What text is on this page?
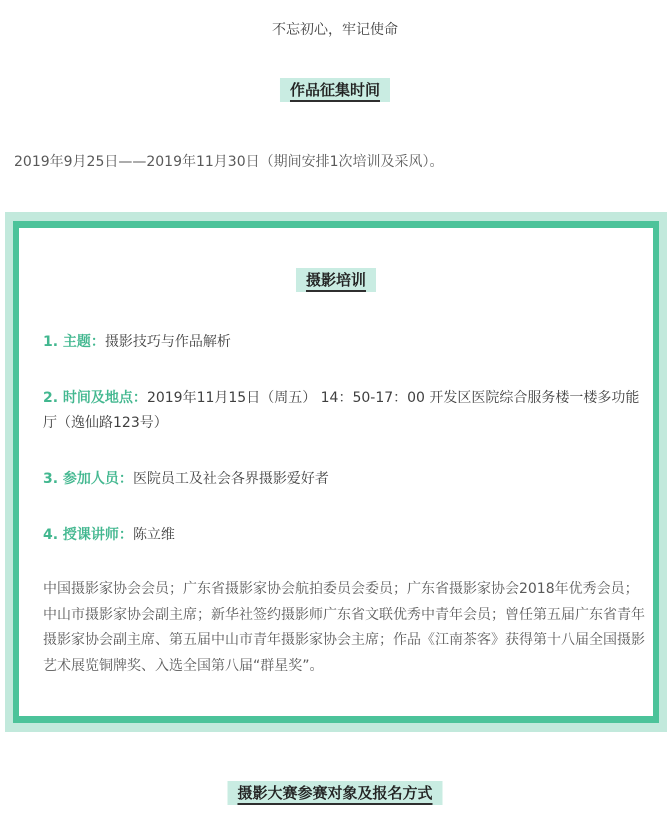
不忘初心，牢记使命
作品征集时间
2019年9月25日——2019年11月30日（期间安排1次培训及采风）。
摄影培训
1. 主题：摄影技巧与作品解析
2. 时间及地点：2019年11月15日（周五） 14：50-17：00 开发区医院综合服务楼一楼多功能厅（逸仙路123号）
3. 参加人员：医院员工及社会各界摄影爱好者
4. 授课讲师：陈立维
中国摄影家协会会员；广东省摄影家协会航拍委员会委员；广东省摄影家协会2018年优秀会员；中山市摄影家协会副主席；新华社签约摄影师广东省文联优秀中青年会员；曾任第五届广东省青年摄影家协会副主席、第五届中山市青年摄影家协会主席；作品《江南茶客》获得第十八届全国摄影艺术展览铜牌奖、入选全国第八届“群星奖”。
摄影大赛参赛对象及报名方式
